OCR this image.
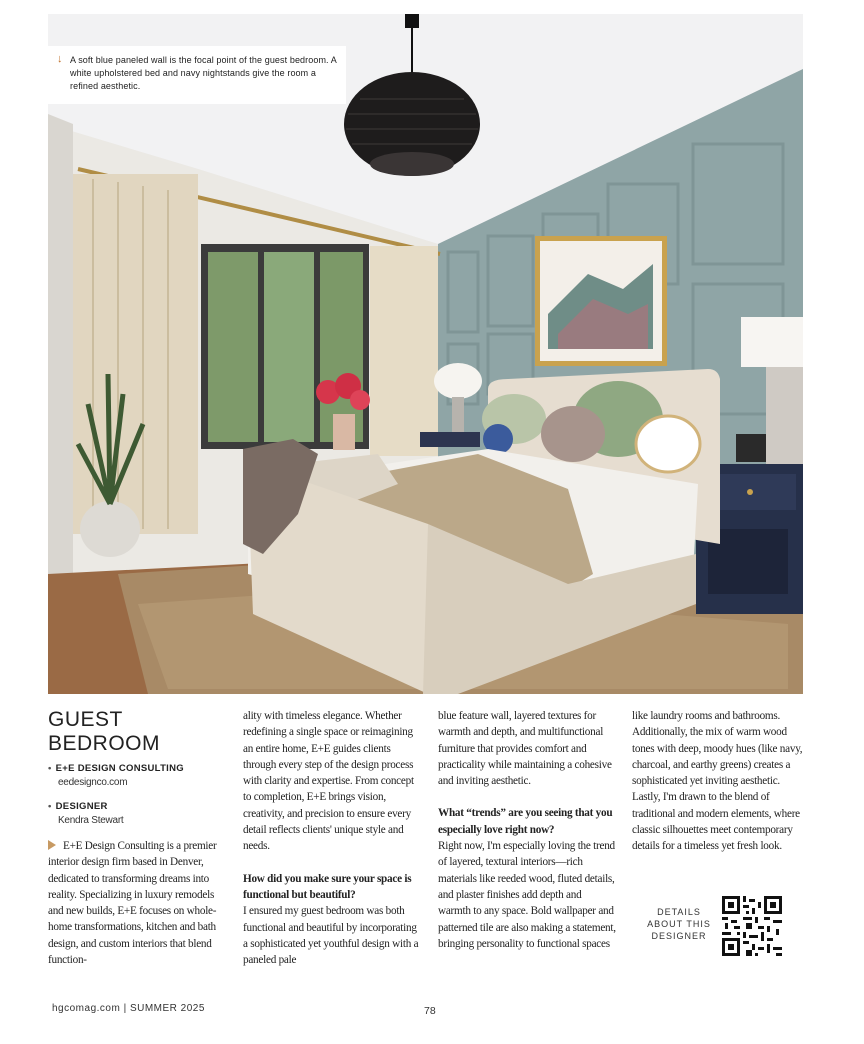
↓ A soft blue paneled wall is the focal point of the guest bedroom. A white upholstered bed and navy nightstands give the room a refined aesthetic.
GUEST
BEDROOM
• E+E DESIGN CONSULTING
eedesignco.com
• DESIGNER
Kendra Stewart

E+E Design Consulting is a premier interior design firm based in Denver, dedicated to transforming dreams into reality. Specializing in luxury remodels and new builds, E+E focuses on whole-home transformations, kitchen and bath design, and custom interiors that blend function-

ality with timeless elegance. Whether redefining a single space or reimagining an entire home, E+E guides clients through every step of the design process with clarity and expertise. From concept to completion, E+E brings vision, creativity, and precision to ensure every detail reflects clients' unique style and needs.

How did you make sure your space is functional but beautiful?

I ensured my guest bedroom was both functional and beautiful by incorporating a sophisticated yet youthful design with a paneled pale

blue feature wall, layered textures for warmth and depth, and multifunctional furniture that provides comfort and practicality while maintaining a cohesive and inviting aesthetic.

What “trends” are you seeing that you especially love right now?

Right now, I'm especially loving the trend of layered, textural interiors—rich materials like reeded wood, fluted details, and plaster finishes add depth and warmth to any space. Bold wallpaper and patterned tile are also making a statement, bringing personality to functional spaces

like laundry rooms and bathrooms. Additionally, the mix of warm wood tones with deep, moody hues (like navy, charcoal, and earthy greens) creates a sophisticated yet inviting aesthetic. Lastly, I'm drawn to the blend of traditional and modern elements, where classic silhouettes meet contemporary details for a timeless yet fresh look.

DETAILS
ABOUT THIS
DESIGNER
hgcomag.com | SUMMER 2025	78
